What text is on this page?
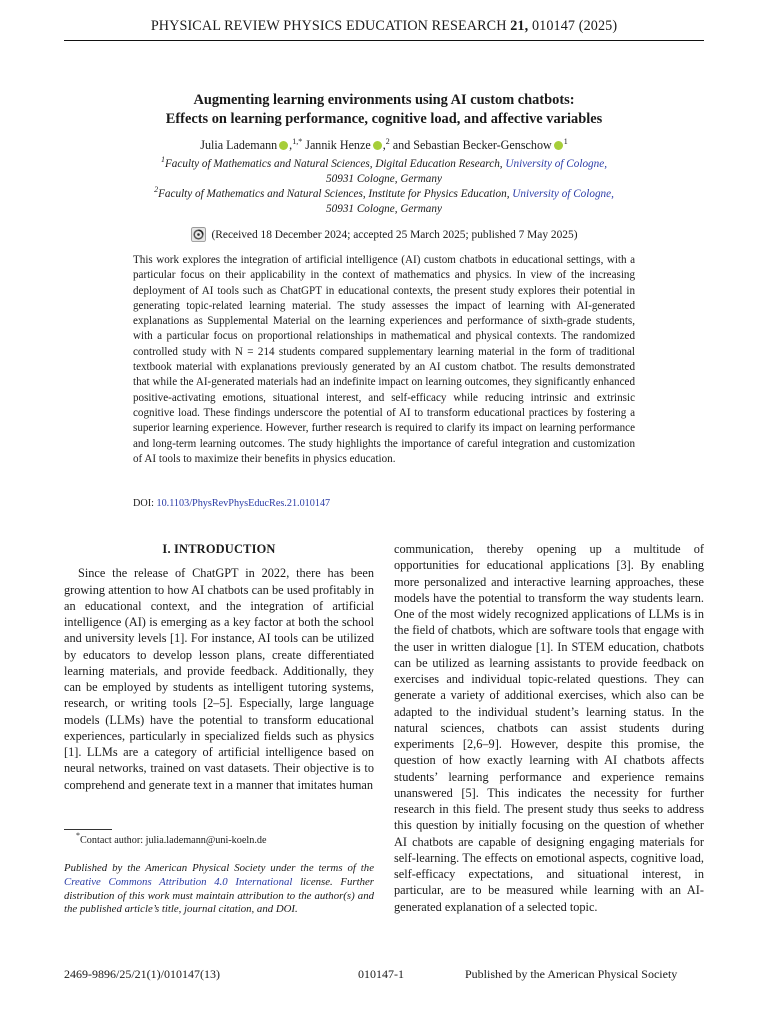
PHYSICAL REVIEW PHYSICS EDUCATION RESEARCH 21, 010147 (2025)
Augmenting learning environments using AI custom chatbots:
Effects on learning performance, cognitive load, and affective variables
Julia Lademann ,$^{1,*}$ Jannik Henze ,$^2$ and Sebastian Becker-Genschow $^1$
$^1$Faculty of Mathematics and Natural Sciences, Digital Education Research, University of Cologne,
50931 Cologne, Germany
$^2$Faculty of Mathematics and Natural Sciences, Institute for Physics Education, University of Cologne,
50931 Cologne, Germany
(Received 18 December 2024; accepted 25 March 2025; published 7 May 2025)
This work explores the integration of artificial intelligence (AI) custom chatbots in educational settings, with a particular focus on their applicability in the context of mathematics and physics. In view of the increasing deployment of AI tools such as ChatGPT in educational contexts, the present study explores their potential in generating topic-related learning material. The study assesses the impact of learning with AI-generated explanations as Supplemental Material on the learning experiences and performance of sixth-grade students, with a particular focus on proportional relationships in mathematical and physical contexts. The randomized controlled study with N = 214 students compared supplementary learning material in the form of traditional textbook material with explanations previously generated by an AI custom chatbot. The results demonstrated that while the AI-generated materials had an indefinite impact on learning outcomes, they significantly enhanced positive-activating emotions, situational interest, and self-efficacy while reducing intrinsic and extrinsic cognitive load. These findings underscore the potential of AI to transform educational practices by fostering a superior learning experience. However, further research is required to clarify its impact on learning performance and long-term learning outcomes. The study highlights the importance of careful integration and customization of AI tools to maximize their benefits in physics education.
DOI: 10.1103/PhysRevPhysEducRes.21.010147
I. INTRODUCTION

Since the release of ChatGPT in 2022, there has been growing attention to how AI chatbots can be used profitably in an educational context, and the integration of artificial intelligence (AI) is emerging as a key factor at both the school and university levels [1]. For instance, AI tools can be utilized by educators to develop lesson plans, create differentiated learning materials, and provide feedback. Additionally, they can be employed by students as intelligent tutoring systems, research, or writing tools [2–5]. Especially, large language models (LLMs) have the potential to transform educational experiences, particularly in specialized fields such as physics [1]. LLMs are a category of artificial intelligence based on neural networks, trained on vast datasets. Their objective is to comprehend and generate text in a manner that imitates human

communication, thereby opening up a multitude of opportunities for educational applications [3]. By enabling more personalized and interactive learning approaches, these models have the potential to transform the way students learn. One of the most widely recognized applications of LLMs is in the field of chatbots, which are software tools that engage with the user in written dialogue [1]. In STEM education, chatbots can be utilized as learning assistants to provide feedback on exercises and individual topic-related questions. They can generate a variety of additional exercises, which also can be adapted to the individual student’s learning status. In the natural sciences, chatbots can assist students during experiments [2,6–9]. However, despite this promise, the question of how exactly learning with AI chatbots affects students’ learning performance and experience remains unanswered [5]. This indicates the necessity for further research in this field. The present study thus seeks to address this question by initially focusing on the question of whether AI chatbots are capable of designing engaging materials for self-learning. The effects on emotional aspects, cognitive load, self-efficacy expectations, and situational interest, in particular, are to be measured while learning with an AI-generated explanation of a selected topic.

*Contact author: julia.lademann@uni-koeln.de
Published by the American Physical Society under the terms of the Creative Commons Attribution 4.0 International license. Further distribution of this work must maintain attribution to the author(s) and the published article’s title, journal citation, and DOI.
2469-9896/25/21(1)/010147(13)	010147-1	Published by the American Physical Society
